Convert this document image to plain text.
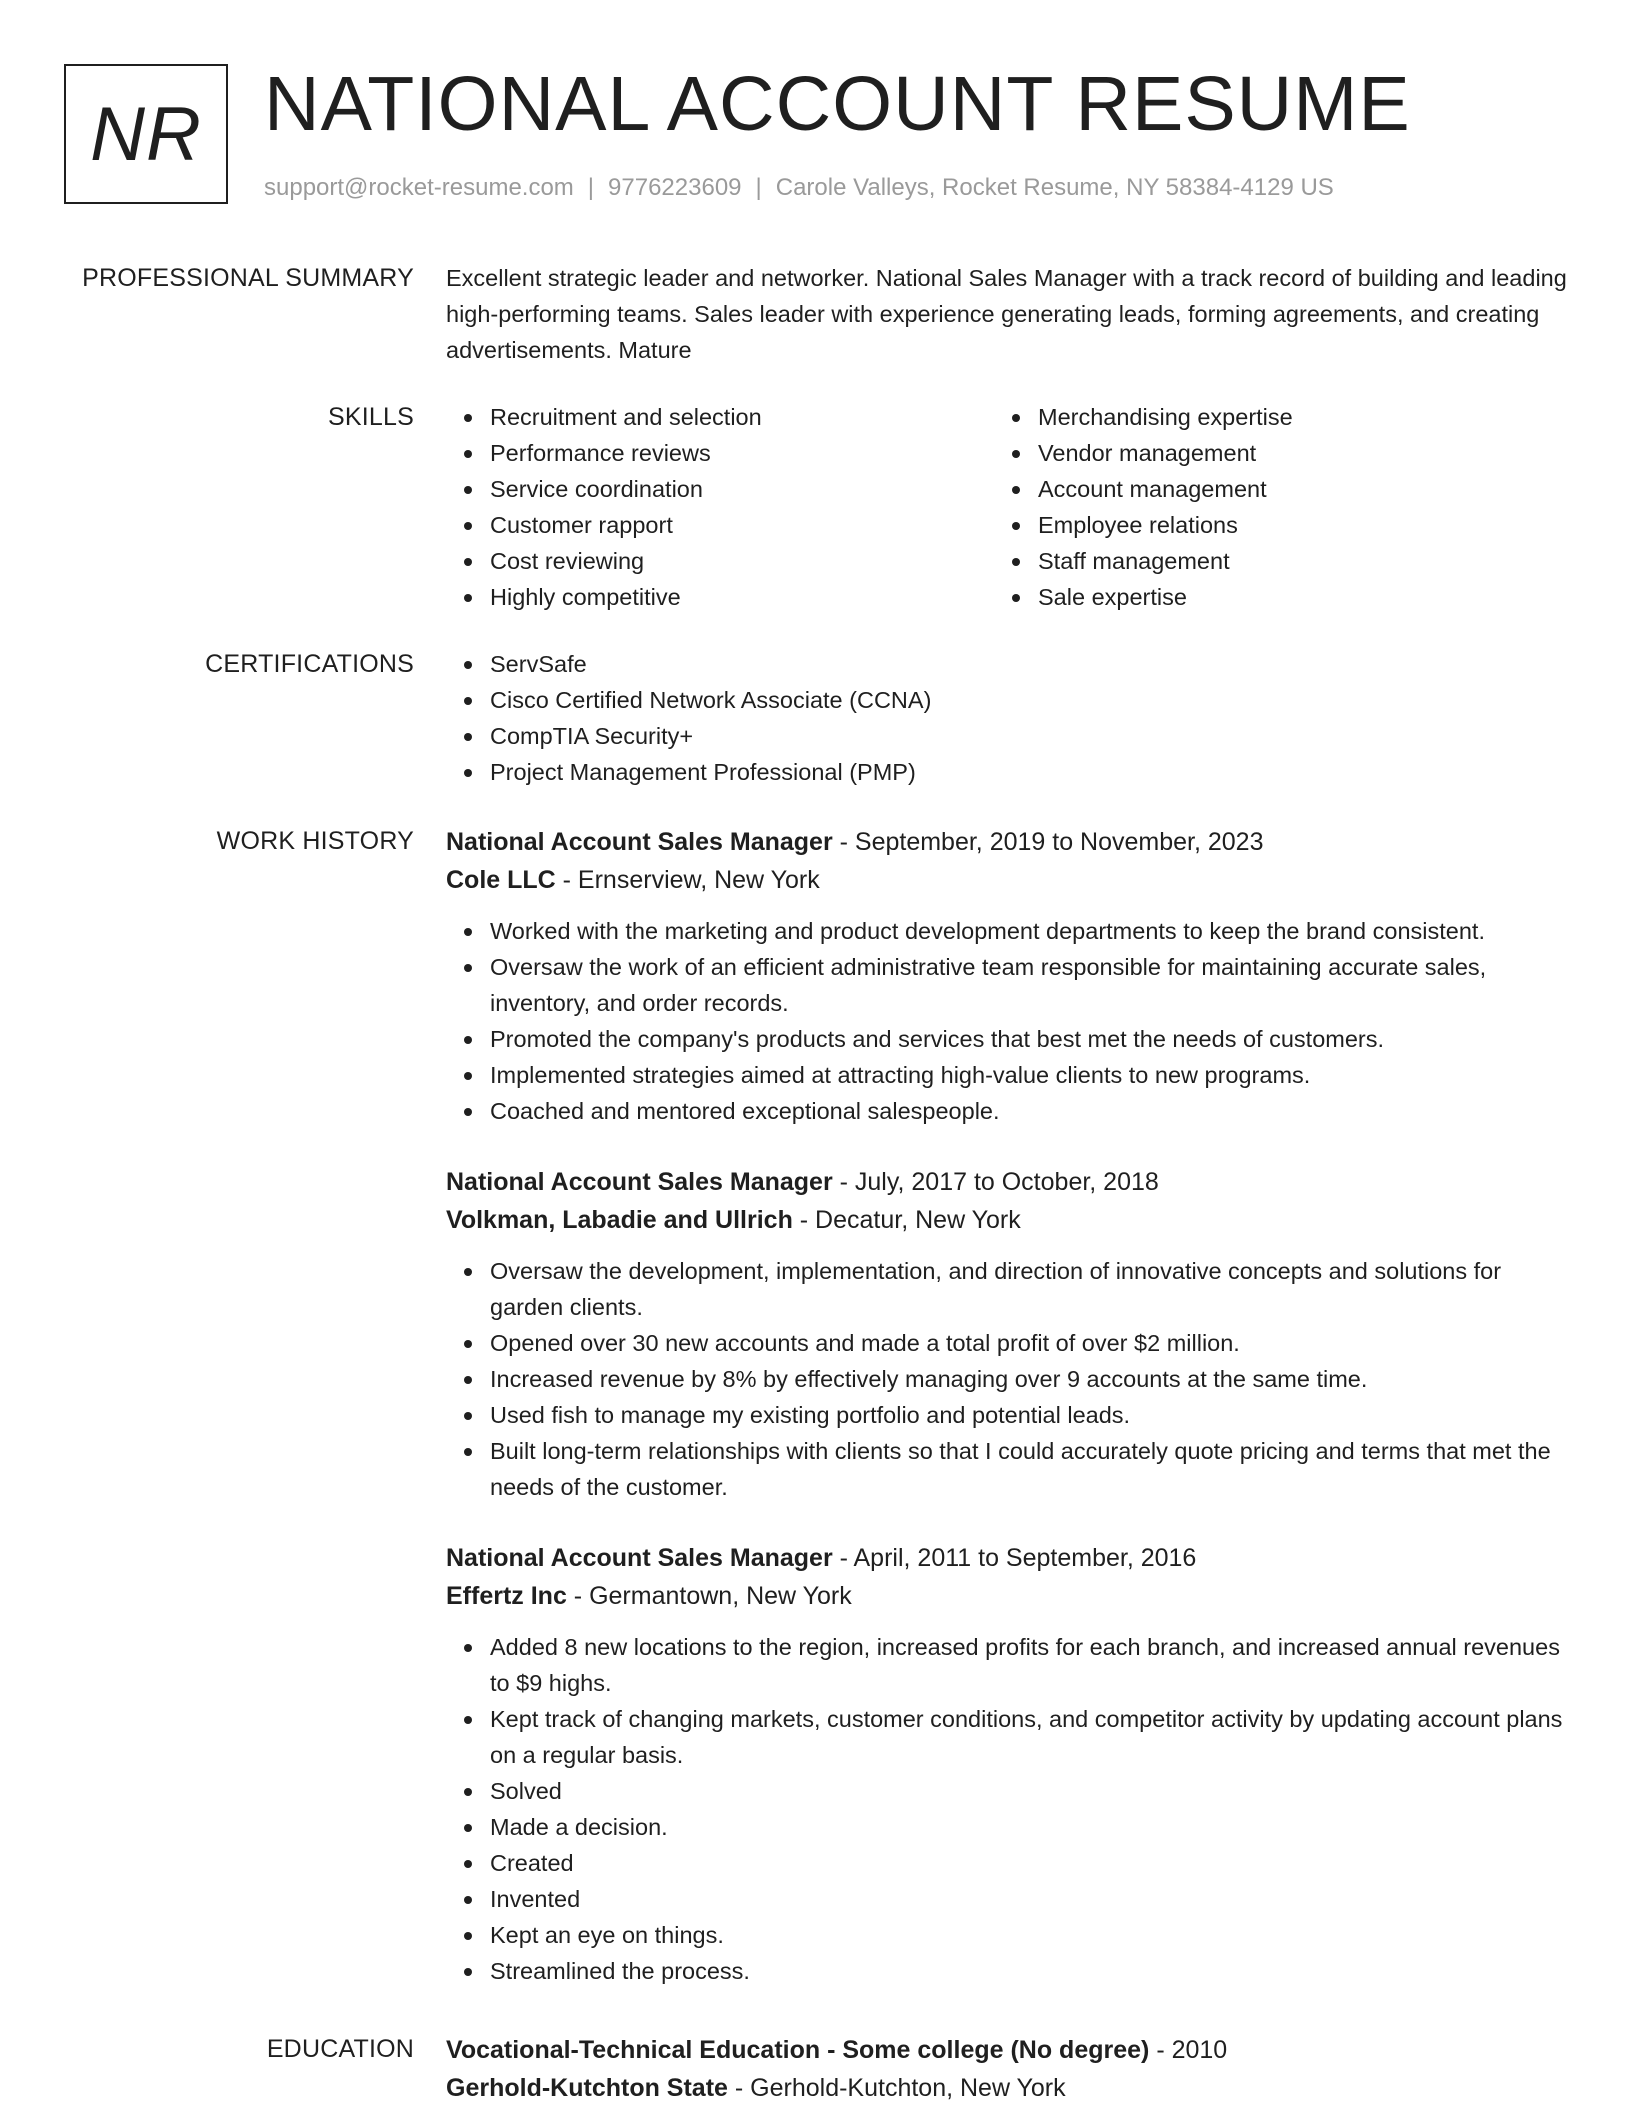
NR NATIONAL ACCOUNT RESUME
support@rocket-resume.com | 9776223609 | Carole Valleys, Rocket Resume, NY 58384-4129 US
PROFESSIONAL SUMMARY Excellent strategic leader and networker. National Sales Manager with a track record of building and leading high-performing teams. Sales leader with experience generating leads, forming agreements, and creating advertisements. Mature

SKILLS	Recruitment and selection
Performance reviews
Service coordination
Customer rapport
Cost reviewing
Highly competitive
Merchandising expertise
Vendor management
Account management
Employee relations
Staff management
Sale expertise
CERTIFICATIONS	ServSafe
Cisco Certified Network Associate (CCNA)
CompTIA Security+
Project Management Professional (PMP)
WORK HISTORY National Account Sales Manager - September, 2019 to November, 2023
Cole LLC - Ernserview, New York
Worked with the marketing and product development departments to keep the brand consistent.
Oversaw the work of an efficient administrative team responsible for maintaining accurate sales, inventory, and order records.
Promoted the company's products and services that best met the needs of customers.
Implemented strategies aimed at attracting high-value clients to new programs.
Coached and mentored exceptional salespeople.
National Account Sales Manager - July, 2017 to October, 2018
Volkman, Labadie and Ullrich - Decatur, New York
Oversaw the development, implementation, and direction of innovative concepts and solutions for garden clients.
Opened over 30 new accounts and made a total profit of over $2 million.
Increased revenue by 8% by effectively managing over 9 accounts at the same time.
Used fish to manage my existing portfolio and potential leads.
Built long-term relationships with clients so that I could accurately quote pricing and terms that met the needs of the customer.
National Account Sales Manager - April, 2011 to September, 2016
Effertz Inc - Germantown, New York
Added 8 new locations to the region, increased profits for each branch, and increased annual revenues to $9 highs.
Kept track of changing markets, customer conditions, and competitor activity by updating account plans on a regular basis.
Solved
Made a decision.
Created
Invented
Kept an eye on things.
Streamlined the process.
EDUCATION Vocational-Technical Education - Some college (No degree) - 2010
Gerhold-Kutchton State - Gerhold-Kutchton, New York
